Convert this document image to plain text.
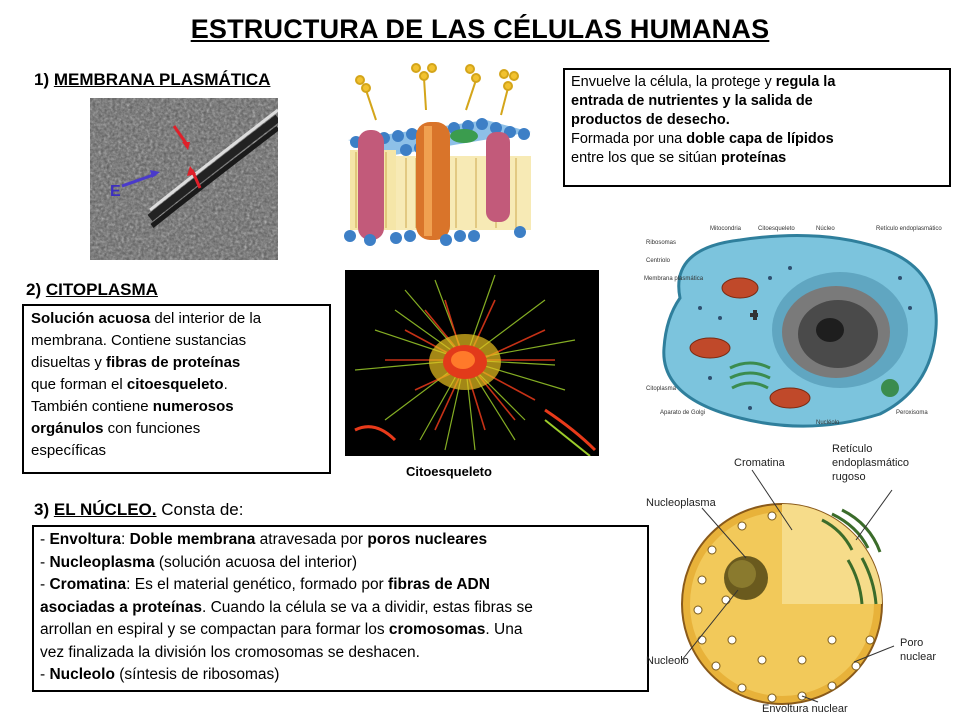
ESTRUCTURA DE LAS CÉLULAS HUMANAS
1) MEMBRANA PLASMÁTICA
E
Envuelve la célula, la protege y regula la
entrada de nutrientes y la salida de
productos de desecho.
Formada por una doble capa de lípidos
entre los que se sitúan proteínas
2) CITOPLASMA
Solución acuosa del interior de la
membrana. Contiene sustancias
disueltas y fibras de proteínas
que forman el citoesqueleto.
También contiene numerosos
orgánulos con funciones
específicas
Citoesqueleto
Mitocondria	Citoesqueleto	Núcleo	Retículo endoplasmático
Ribosomas
Centriolo
Membrana plasmática
Citoplasma
Aparato de Golgi
Nucléolo
Peroxisoma
3) EL NÚCLEO. Consta de:
- Envoltura: Doble membrana atravesada por poros nucleares
- Nucleoplasma (solución acuosa del interior)
- Cromatina: Es el material genético, formado por fibras de ADN
asociadas a proteínas. Cuando la célula se va a dividir, estas fibras se
arrollan en espiral y se compactan para formar los cromosomas. Una
vez finalizada la división los cromosomas se deshacen.
- Nucleolo (síntesis de ribosomas)
Cromatina
Retículo
endoplasmático
rugoso
Nucleoplasma
Nucleolo
Poro
nuclear
Envoltura nuclear
